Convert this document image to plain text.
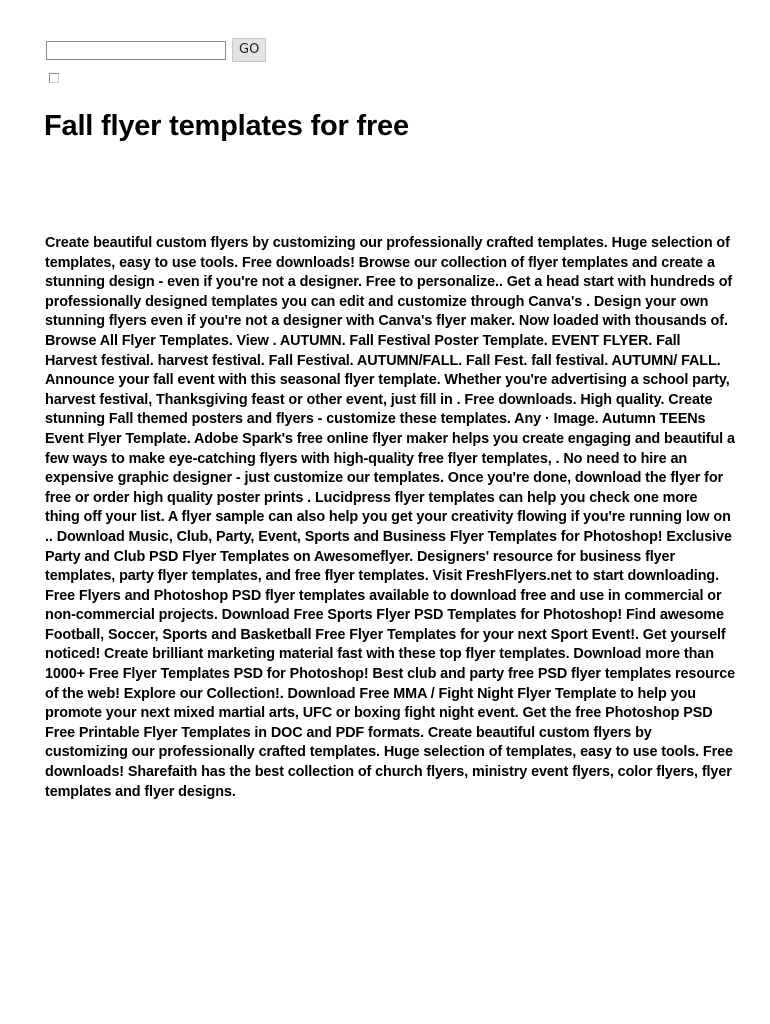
GO
Fall flyer templates for free

Create beautiful custom flyers by customizing our professionally crafted templates. Huge selection of templates, easy to use tools. Free downloads! Browse our collection of flyer templates and create a stunning design - even if you're not a designer. Free to personalize.. Get a head start with hundreds of professionally designed templates you can edit and customize through Canva's . Design your own stunning flyers even if you're not a designer with Canva's flyer maker. Now loaded with thousands of. Browse All Flyer Templates. View . AUTUMN. Fall Festival Poster Template. EVENT FLYER. Fall Harvest festival. harvest festival. Fall Festival. AUTUMN/FALL. Fall Fest. fall festival. AUTUMN/ FALL. Announce your fall event with this seasonal flyer template. Whether you're advertising a school party, harvest festival, Thanksgiving feast or other event, just fill in . Free downloads. High quality. Create stunning Fall themed posters and flyers - customize these templates. Any · Image. Autumn TEENs Event Flyer Template. Adobe Spark's free online flyer maker helps you create engaging and beautiful a few ways to make eye-catching flyers with high-quality free flyer templates, . No need to hire an expensive graphic designer - just customize our templates. Once you're done, download the flyer for free or order high quality poster prints . Lucidpress flyer templates can help you check one more thing off your list. A flyer sample can also help you get your creativity flowing if you're running low on .. Download Music, Club, Party, Event, Sports and Business Flyer Templates for Photoshop! Exclusive Party and Club PSD Flyer Templates on Awesomeflyer. Designers' resource for business flyer templates, party flyer templates, and free flyer templates. Visit FreshFlyers.net to start downloading. Free Flyers and Photoshop PSD flyer templates available to download free and use in commercial or non-commercial projects. Download Free Sports Flyer PSD Templates for Photoshop! Find awesome Football, Soccer, Sports and Basketball Free Flyer Templates for your next Sport Event!. Get yourself noticed! Create brilliant marketing material fast with these top flyer templates. Download more than 1000+ Free Flyer Templates PSD for Photoshop! Best club and party free PSD flyer templates resource of the web! Explore our Collection!. Download Free MMA / Fight Night Flyer Template to help you promote your next mixed martial arts, UFC or boxing fight night event. Get the free Photoshop PSD Free Printable Flyer Templates in DOC and PDF formats. Create beautiful custom flyers by customizing our professionally crafted templates. Huge selection of templates, easy to use tools. Free downloads! Sharefaith has the best collection of church flyers, ministry event flyers, color flyers, flyer templates and flyer designs.
